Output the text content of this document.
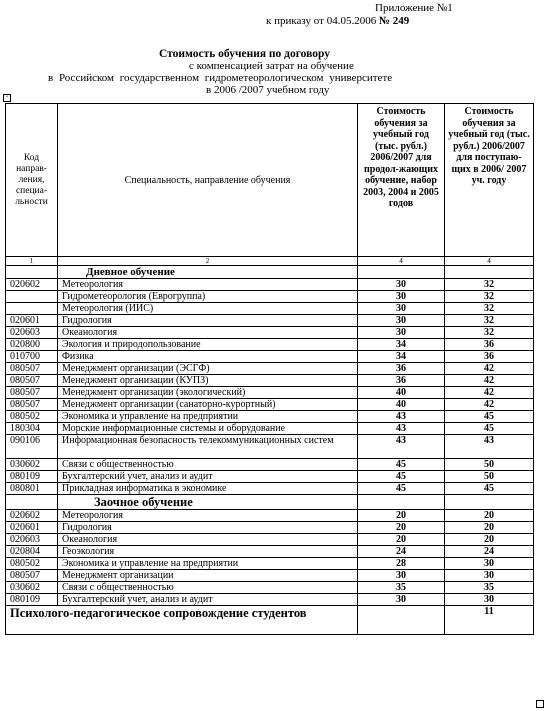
Приложение №1
к приказу от 04.05.2006 № 249
Стоимость обучения по договору
с компенсацией затрат на обучение
в Российском государственном гидрометеорологическом университете
в 2006 /2007 учебном году
+
Код направ-ления, специа-льности	Специальность, направление обучения	Стоимость обучения за учебный год (тыс. рубл.) 2006/2007 для продол-жающих обучение, набор 2003, 2004 и 2005 годов	Стоимость обучения за учебный год (тыс. рубл.) 2006/2007 для поступаю-щих в 2006/ 2007 уч. году
1	2	4	4
	Дневное обучение		
020602	Метеорология	30	32
	Гидрометеорология (Еврогруппа)	30	32
	Метеорология (ИИС)	30	32
020601	Гидрология	30	32
020603	Океанология	30	32
020800	Экология и природопользование	34	36
010700	Физика	34	36
080507	Менеджмент организации (ЭСГФ)	36	42
080507	Менеджмент организации (КУПЗ)	36	42
080507	Менеджмент организации (экологический)	40	42
080507	Менеджмент организации (санаторно-курортный)	40	42
080502	Экономика и управление на предприятии	43	45
180304	Морские информационные системы и оборудование	43	45
090106	Информационная безопасность телекоммуникационных систем	43	43
030602	Связи с общественностью	45	50
080109	Бухгалтерский учет, анализ и аудит	45	50
080801	Прикладная информатика в экономике	45	45
	Заочное обучение		
020602	Метеорология	20	20
020601	Гидрология	20	20
020603	Океанология	20	20
020804	Геоэкология	24	24
080502	Экономика и управление на предприятии	28	30
080507	Менеджмент организации	30	30
030602	Связи с общественностью	35	35
080109	Бухгалтерский учет, анализ и аудит	30	30
Психолого-педагогическое сопровождение студентов			11
